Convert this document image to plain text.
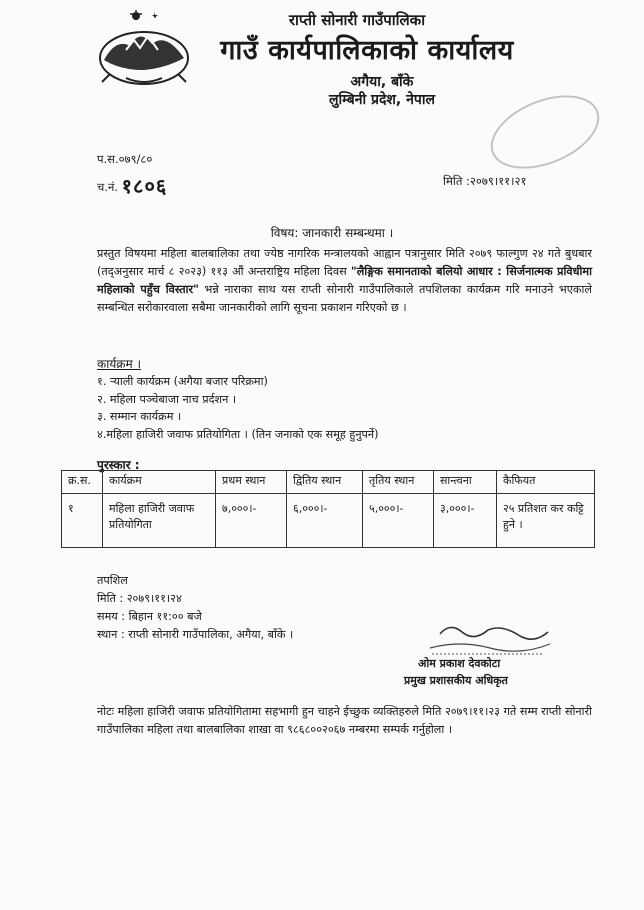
राप्ती सोनारी गाउँपालिका
गाउँ कार्यपालिकाको कार्यालय
अगैया, बाँके
लुम्बिनी प्रदेश, नेपाल
प.स.०७९/८०
च.नं. १८०६	मिति :२०७९।११।२१
विषय: जानकारी सम्बन्धमा ।
प्रस्तुत विषयमा महिला बालबालिका तथा ज्येष्ठ नागरिक मन्त्रालयको आह्वान पत्रानुसार मिति २०७९ फाल्गुण २४ गते बुधबार (तद्अनुसार मार्च ८ २०२३) ११३ औं अन्तराष्ट्रिय महिला दिवस "लैङ्गिक समानताको बलियो आधार : सिर्जनात्मक प्रविधीमा महिलाको पहुँच विस्तार" भन्ने नाराका साथ यस राप्ती सोनारी गाउँपालिकाले तपशिलका कार्यक्रम गरि मनाउने भएकाले सम्बन्धित सरोकारवाला सबैमा जानकारीको लागि सूचना प्रकाशन गरिएको छ ।
कार्यक्रम ।
१. र्‍याली कार्यक्रम (अगैया बजार परिक्रमा)
२. महिला पञ्चेबाजा नाच प्रर्दशन ।
३. सम्मान कार्यक्रम ।
४.महिला हाजिरी जवाफ प्रतियोगिता । (तिन जनाको एक समूह हुनुपर्ने)
पुरस्कार :
क्र.स.	कार्यक्रम	प्रथम स्थान	द्वितिय स्थान	तृतिय स्थान	सान्त्वना	कैफियत
१	महिला हाजिरी जवाफ प्रतियोगिता	७,०००।-	६,०००।-	५,०००।-	३,०००।-	२५ प्रतिशत कर कट्टि हुने ।
तपशिल
मिति : २०७९।११।२४
समय : बिहान ११:०० बजे
स्थान : राप्ती सोनारी गाउँपालिका, अगैया, बाँके ।
ओम प्रकाश देवकोटा
प्रमुख प्रशासकीय अधिकृत
नोटः महिला हाजिरी जवाफ प्रतियोगितामा सहभागी हुन चाहने ईच्छुक व्यक्तिहरुले मिति २०७९।११।२३ गते सम्म राप्ती सोनारी गाउँपालिका महिला तथा बालबालिका शाखा वा ९८६८००२०६७ नम्बरमा सम्पर्क गर्नुहोला ।
